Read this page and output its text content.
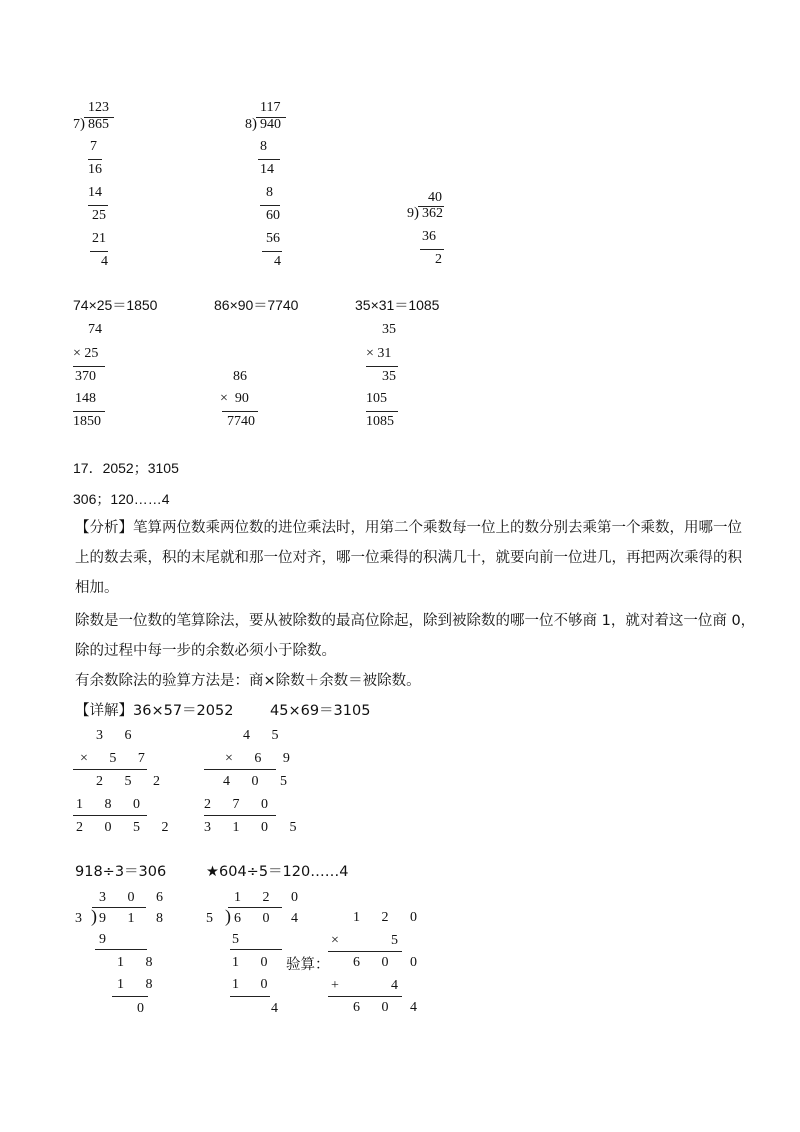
123
7 ) 865
7
16
14
25
21
4
117
8 ) 940
8
14
8
60
56
4
40
9 ) 362
36
2
74×25＝1850	86×90＝7740	35×31＝1085
74
× 25
370
148
1850
86
×  90
7740
35
× 31
35
105
1085
17．2052；3105
306；120……4
【分析】笔算两位数乘两位数的进位乘法时，用第二个乘数每一位上的数分别去乘第一个乘数，用哪一位
上的数去乘，积的末尾就和那一位对齐，哪一位乘得的积满几十，就要向前一位进几，再把两次乘得的积
相加。
除数是一位数的笔算除法，要从被除数的最高位除起，除到被除数的哪一位不够商 1，就对着这一位商 0，
除的过程中每一步的余数必须小于除数。
有余数除法的验算方法是：商×除数＋余数＝被除数。
【详解】36×57＝2052	45×69＝3105
3 6
× 5 7
2 5 2
1 8 0
2 0 5 2
4 5
× 6 9
4 0 5
2 7 0
3 1 0 5
918÷3＝306	★604÷5＝120……4
3 0 6
3 ) 9 1 8
9
1 8
1 8
0
1 2 0
5 ) 6 0 4
5
1 0
1 0
4
验算：
1 2 0
×	5
6 0 0
+	4
6 0 4
